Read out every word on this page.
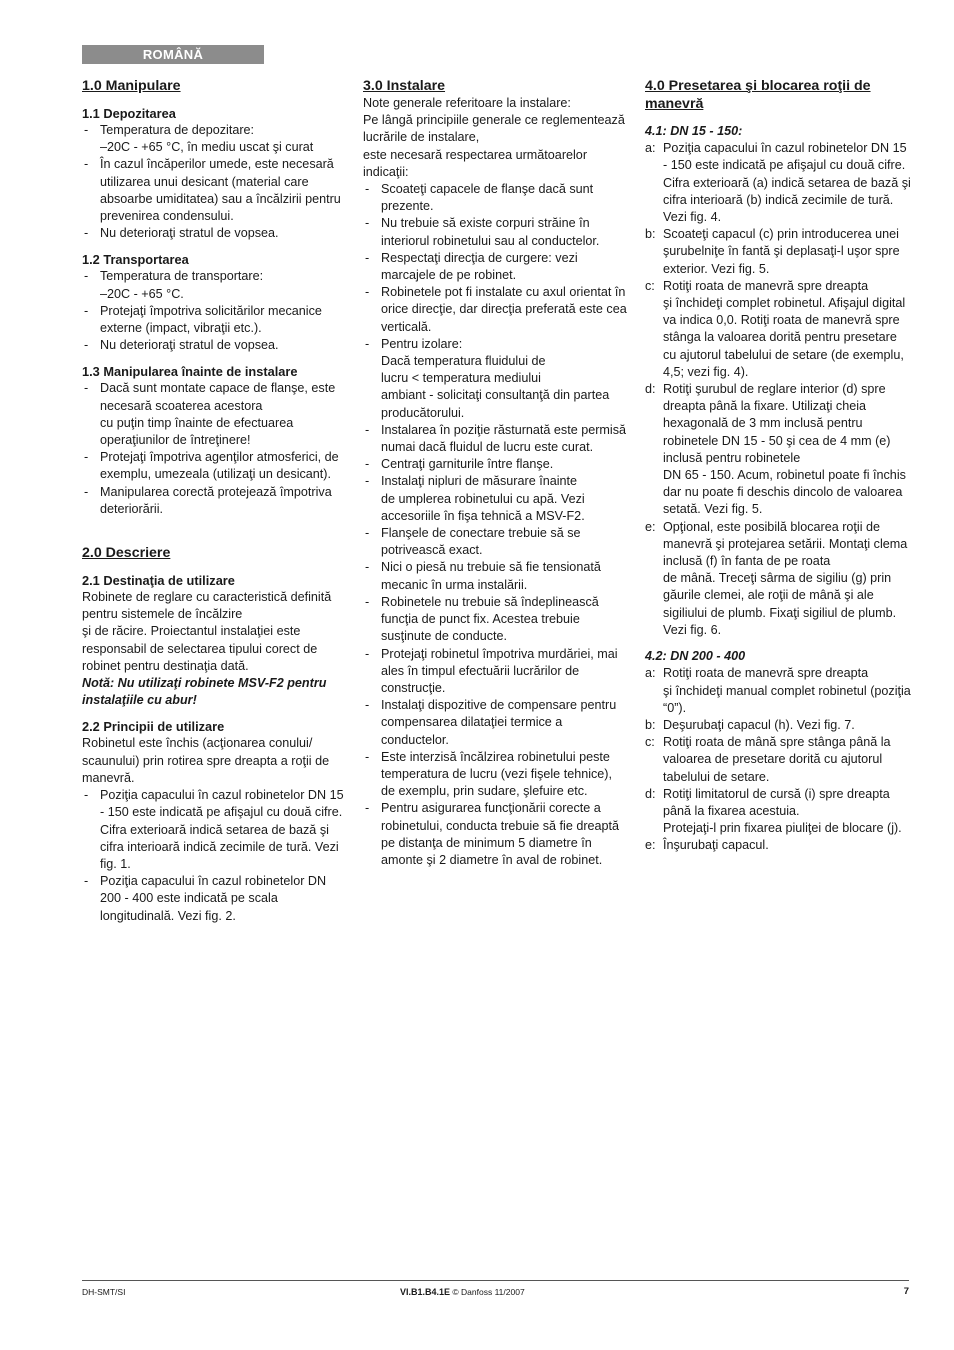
ROMÂNĂ
1.0 Manipulare
1.1 Depozitarea
- Temperatura de depozitare:
–20C - +65 °C, în mediu uscat şi curat
- În cazul încăperilor umede, este necesară utilizarea unui desicant (material care absoarbe umiditatea) sau a încălzirii pentru prevenirea condensului.
- Nu deterioraţi stratul de vopsea.
1.2 Transportarea
- Temperatura de transportare:
–20C - +65 °C.
- Protejaţi împotriva solicitărilor mecanice externe (impact, vibraţii etc.).
- Nu deterioraţi stratul de vopsea.
1.3 Manipularea înainte de instalare
- Dacă sunt montate capace de flanşe, este necesară scoaterea acestora
cu puţin timp înainte de efectuarea operaţiunilor de întreţinere!
- Protejaţi împotriva agenţilor atmosferici, de exemplu, umezeala (utilizaţi un desicant).
- Manipularea corectă protejează împotriva deteriorării.
2.0 Descriere
2.1 Destinaţia de utilizare

Robinete de reglare cu caracteristică definită pentru sistemele de încălzire
şi de răcire. Proiectantul instalaţiei este responsabil de selectarea tipului corect de robinet pentru destinaţia dată.

Notă: Nu utilizaţi robinete MSV-F2 pentru instalaţiile cu abur!

2.2 Principii de utilizare

Robinetul este închis (acţionarea conului/ scaunului) prin rotirea spre dreapta a roţii de manevră.

- Poziţia capacului în cazul robinetelor DN 15 - 150 este indicată pe afişajul cu două cifre. Cifra exterioară indică setarea de bază şi cifra interioară indică zecimile de tură. Vezi fig. 1.
- Poziţia capacului în cazul robinetelor DN 200 - 400 este indicată pe scala longitudinală. Vezi fig. 2.
3.0 Instalare

Note generale referitoare la instalare:
Pe lângă principiile generale ce reglementează lucrările de instalare,
este necesară respectarea următoarelor indicaţii:

- Scoateţi capacele de flanşe dacă sunt prezente.
- Nu trebuie să existe corpuri străine în interiorul robinetului sau al conductelor.
- Respectaţi direcţia de curgere: vezi marcajele de pe robinet.
- Robinetele pot fi instalate cu axul orientat în orice direcţie, dar direcţia preferată este cea verticală.
- Pentru izolare:
Dacă temperatura fluidului de
lucru < temperatura mediului
ambiant - solicitaţi consultanţă din partea producătorului.
- Instalarea în poziţie răsturnată este permisă numai dacă fluidul de lucru este curat.
- Centraţi garniturile între flanşe.
- Instalaţi nipluri de măsurare înainte
de umplerea robinetului cu apă. Vezi accesoriile în fişa tehnică a MSV-F2.
- Flanşele de conectare trebuie să se potrivească exact.
- Nici o piesă nu trebuie să fie tensionată mecanic în urma instalării.
- Robinetele nu trebuie să îndeplinească funcţia de punct fix. Acestea trebuie susţinute de conducte.
- Protejaţi robinetul împotriva murdăriei, mai ales în timpul efectuării lucrărilor de construcţie.
- Instalaţi dispozitive de compensare pentru compensarea dilataţiei termice a conductelor.
- Este interzisă încălzirea robinetului peste temperatura de lucru (vezi fişele tehnice), de exemplu, prin sudare, şlefuire etc.
- Pentru asigurarea funcţionării corecte a robinetului, conducta trebuie să fie dreaptă pe distanţa de minimum 5 diametre în amonte şi 2 diametre în aval de robinet.
4.0 Presetarea şi blocarea roţii de manevră
4.1: DN 15 - 150:
a: Poziţia capacului în cazul robinetelor DN 15 - 150 este indicată pe afişajul cu două cifre. Cifra exterioară (a) indică setarea de bază şi cifra interioară (b) indică zecimile de tură. Vezi fig. 4.
b: Scoateţi capacul (c) prin introducerea unei şurubelniţe în fantă şi deplasaţi-l uşor spre exterior. Vezi fig. 5.
c: Rotiţi roata de manevră spre dreapta
şi închideţi complet robinetul. Afişajul digital va indica 0,0. Rotiţi roata de manevră spre stânga la valoarea dorită pentru presetare cu ajutorul tabelului de setare (de exemplu, 4,5; vezi fig. 4).
d: Rotiţi şurubul de reglare interior (d) spre dreapta până la fixare. Utilizaţi cheia hexagonală de 3 mm inclusă pentru robinetele DN 15 - 50 şi cea de 4 mm (e) inclusă pentru robinetele
DN 65 - 150. Acum, robinetul poate fi închis dar nu poate fi deschis dincolo de valoarea setată. Vezi fig. 5.
e: Opţional, este posibilă blocarea roţii de manevră şi protejarea setării. Montaţi clema inclusă (f) în fanta de pe roata
de mână. Treceţi sârma de sigiliu (g) prin găurile clemei, ale roţii de mână şi ale sigiliului de plumb. Fixaţi sigiliul de plumb. Vezi fig. 6.
4.2: DN 200 - 400
a: Rotiţi roata de manevră spre dreapta
şi închideţi manual complet robinetul (poziţia “0”).
b: Deşurubaţi capacul (h). Vezi fig. 7.
c: Rotiţi roata de mână spre stânga până la valoarea de presetare dorită cu ajutorul tabelului de setare.
d: Rotiţi limitatorul de cursă (i) spre dreapta până la fixarea acestuia.
Protejaţi-l prin fixarea piuliţei de blocare (j).
e: Înşurubaţi capacul.
DH-SMT/SI	VI.B1.B4.1E © Danfoss 11/2007	7
